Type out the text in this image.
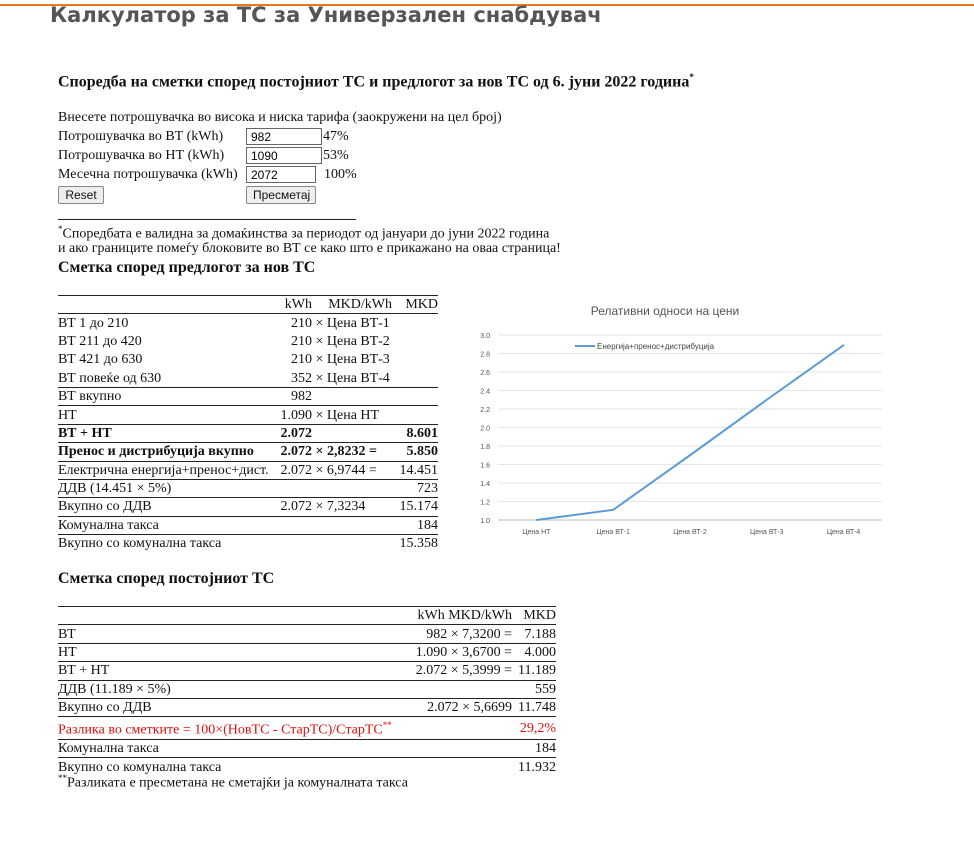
Калкулатор за ТС за Универзален снабдувач
Споредба на сметки според постојниот ТС и предлогот за нов ТС од 6. јуни 2022 година*
Внесете потрошувачка во висока и ниска тарифа (заокружени на цел број)
Потрошувачка во ВТ (kWh)
982	47%
Потрошувачка во НТ (kWh)
1090	53%
Месечна потрошувачка (kWh)
2072	100%
Reset	Пресметај
*Споредбата е валидна за домаќинства за периодот од јануари до јуни 2022 година
и ако границите помеѓу блоковите во ВТ се како што е прикажано на оваа страница!
Сметка според предлогот за нов ТС
	kWh	MKD/kWh	MKD
ВТ 1 до 210	210	× Цена ВТ-1	
ВТ 211 до 420	210	× Цена ВТ-2	
ВТ 421 до 630	210	× Цена ВТ-3	
ВТ повеќе од 630	352	× Цена ВТ-4	
ВТ вкупно	982		
НТ	1.090	× Цена НТ	
ВТ + НТ	2.072		8.601
Пренос и дистрибуција вкупно	2.072	× 2,8232 =	5.850
Електрична енергија+пренос+дист.	2.072	× 6,9744 =	14.451
ДДВ (14.451 × 5%)			723
Вкупно со ДДВ	2.072	× 7,3234	15.174
Комунална такса			184
Вкупно со комунална такса			15.358
Релативни односи на цени
1.0
1.2
1.4
1.6
1.8
2.0
2.2
2.4
2.6
2.8
3.0
Цена НТ	Цена ВТ-1	Цена ВТ-2	Цена ВТ-3	Цена ВТ-4
Енергија+пренос+дистрибуција
Сметка според постојниот ТС
	kWh MKD/kWh	MKD
ВТ	982 × 7,3200 =	7.188
НТ	1.090 × 3,6700 =	4.000
ВТ + НТ	2.072 × 5,3999 =	11.189
ДДВ (11.189 × 5%)		559
Вкупно со ДДВ	2.072 × 5,6699	11.748
Разлика во сметките = 100×(НовТС - СтарТС)/СтарТС**		29,2%
Комунална такса		184
Вкупно со комунална такса		11.932
**Разликата е пресметана не сметајќи ја комуналната такса
